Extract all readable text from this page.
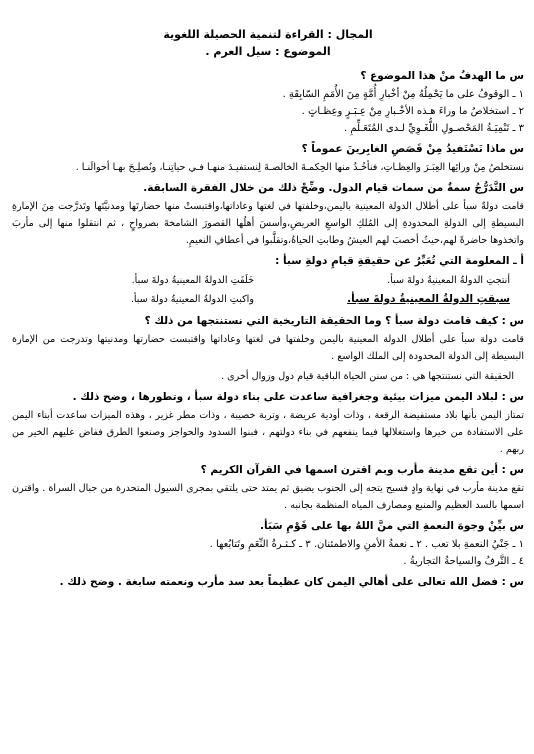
المجال : القراءة لتنمية الحصيلة اللغوية
الموضوع : سيل العرم .

س ما الهدفُ منْ هذا الموضوع ؟

١ ـ الوقوفُ على ما يَحْمِلُهُ مِنْ أخْبارِ أُمَّةٍ مِنَ الأُمَمِ السّابِقَةِ .

٢ ـ استخلاصُ ما وراءَ هـذه الأخْـبارِ مِنْ عِـبَـرٍ وعِظـاتٍ .

٣ ـ تَنْمِيَـةُ المَحْصـولِ اللُّغَـوِيِّ لـدى المُتَعَـلِّمِ .

س ماذا نَسْتَفيدُ مِنْ قَصَصِ الغابِرينَ عموماً ؟

نستخلصُ مِنْ ورائِها العِبَـرَ والعِظـاتِ، فنأخُـذُ منها الحِكمـةَ الخالصـةَ لِنستفيـدَ منهـا فـي حياتِنـا، ونُصلِـحَ بهـا أحوالَنـا .

س التَّدَرُّجُ سمةٌ من سمات قيام الدول. وضِّحْ ذلك من خلال الفقرة السابقة.

قامت دولةٌ سبأ على أطلال الدولة المعينية باليمن،وخلفتها في لغتها وعاداتها،واقتبستْ منها حضارتَها ومدنيَّتَها وتَدرَّجت مِنَ الإمارةِ البسيطةِ إلى الدولةِ المحدودةِ إلى المُلكِ الواسعِ العريضِ،وأسسَ أهلُها القصورَ الشامخةَ بصرواحٍ ، ثم انتقلوا منها إلى مأربَ واتخذوها حاضرةً لهم،حيثُ أخصبَ لهم العيشُ وطابتِ الحياةُ،وتقلَّبوا في أعطافِ النعيمِ.

أ ـ المعلومة التي تُعَبِّرُ عن حقيقةِ قيامِ دولةِ سبأ :

أنتجتِ الدولةُ المعينيةُ دولةَ سبأ.
خَلَفَتِ الدولةُ المعينيةُ دولةَ سبأ.
سبقتِ الدولةُ المعينيةُ دولةَ سبأ.
واكبتِ الدولةُ المعينيةُ دولةَ سبأ.

س : كيف قامت دولة سبأ ؟ وما الحقيقة التاريخية التي نستنتجها من ذلك ؟

قامت دولة سبأ على أطلال الدولة المعينية باليمن وخلفتها في لغتها وعاداتها واقتبست حضارتها ومدنيتها وتدرجت من الإمارة البسيطة إلى الدولة المحدودة إلى الملك الواسع .

الحقيقة التي نستنتجها هي : من سنن الحياة الباقية قيام دول وزوال أخرى .

س : لبلاد اليمن ميزات بيئية وجغرافية ساعدت على بناء دولة سبأ ، وتطورها ، وضح ذلك .

تمتاز اليمن بأنها بلاد مستفيضة الرقعة ، وذات أودية عريضة ، وتربة خصيبة ، وذات مطر غزير ، وهذه الميزات ساعدت أبناء اليمن على الاستفادة من خيرها واستغلالها فيما ينفعهم في بناء دولتهم ، فبنوا السدود والحواجز وصنعوا الطرق ففاض عليهم الخير من ربهم .

س : أين تقع مدينة مأرب وبم اقترن اسمها في القرآن الكريم ؟

تقع مدينة مأرب في نهاية وادٍ فسيح يتجه إلى الجنوب يضيق ثم يمتد حتى يلتقي بمجرى السيول المتحدرة من جبال السراة . واقترن اسمها بالسد العظيم والمنبع ومصارف المياه المنظمة بجانبه .

س بيِّنْ وجوهَ النعمةِ التي منَّ اللهُ بها على قَوْمِ سَبَأ.

١ ـ جَنْيُ النعمةِ بلا تعب . ٢ ـ نعمةُ الأمنِ والاطمئنان. ٣ ـ كـثـرةُ النِّعَمِ وتَتابُعها .

٤ ـ التَّرفُ والسياحةُ التجاريةُ .

س : فضل الله تعالى على أهالي اليمن كان عظيماً بعد سد مأرب ونعمته سابغة . وضح ذلك .
